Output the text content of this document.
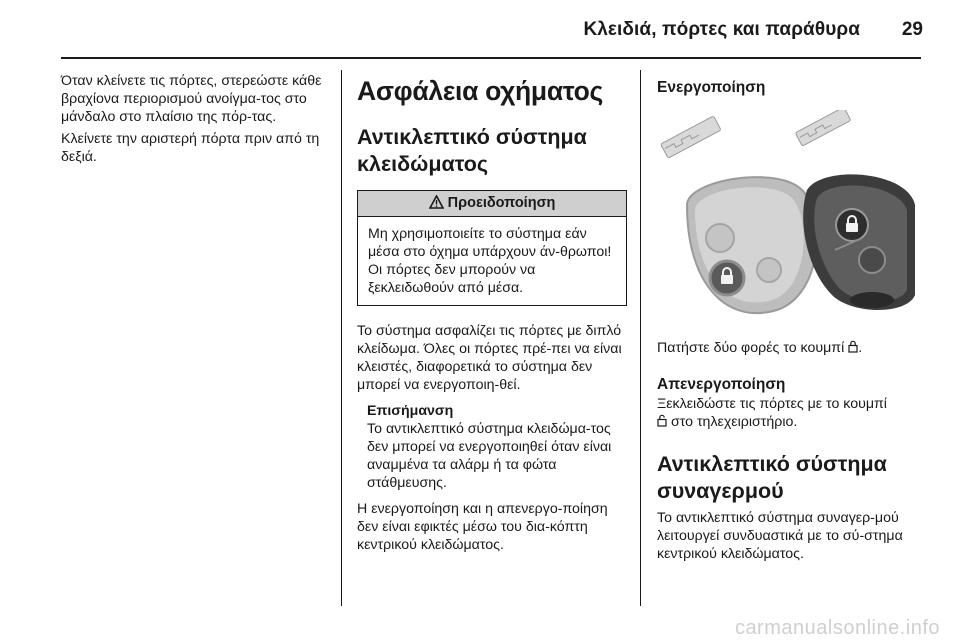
Κλειδιά, πόρτες και παράθυρα 29

Όταν κλείνετε τις πόρτες, στερεώστε κάθε βραχίονα περιορισμού ανοίγμα-τος στο μάνδαλο στο πλαίσιο της πόρ-τας.

Κλείνετε την αριστερή πόρτα πριν από τη δεξιά.

Ασφάλεια οχήματος
Αντικλεπτικό σύστημα κλειδώματος
Προειδοποίηση
Μη χρησιμοποιείτε το σύστημα εάν μέσα στο όχημα υπάρχουν άν-θρωποι! Οι πόρτες δεν μπορούν να ξεκλειδωθούν από μέσα.

Το σύστημα ασφαλίζει τις πόρτες με διπλό κλείδωμα. Όλες οι πόρτες πρέ-πει να είναι κλειστές, διαφορετικά το σύστημα δεν μπορεί να ενεργοποιη-θεί.

Επισήμανση
Το αντικλεπτικό σύστημα κλειδώμα-τος δεν μπορεί να ενεργοποιηθεί όταν είναι αναμμένα τα αλάρμ ή τα φώτα στάθμευσης.

Η ενεργοποίηση και η απενεργο-ποίηση δεν είναι εφικτές μέσω του δια-κόπτη κεντρικού κλειδώματος.

Ενεργοποίηση

Πατήστε δύο φορές το κουμπί .

Απενεργοποίηση

Ξεκλειδώστε τις πόρτες με το κουμπί
στο τηλεχειριστήριο.

Αντικλεπτικό σύστημα συναγερμού

Το αντικλεπτικό σύστημα συναγερ-μού λειτουργεί συνδυαστικά με το σύ-στημα κεντρικού κλειδώματος.

carmanualsonline.info
